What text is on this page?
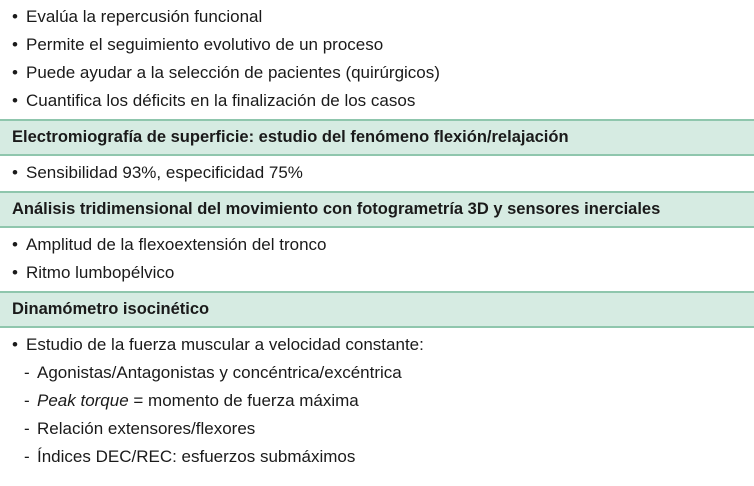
• Evalúa la repercusión funcional
• Permite el seguimiento evolutivo de un proceso
• Puede ayudar a la selección de pacientes (quirúrgicos)
• Cuantifica los déficits en la finalización de los casos
Electromiografía de superficie: estudio del fenómeno flexión/relajación
• Sensibilidad 93%, especificidad 75%
Análisis tridimensional del movimiento con fotogrametría 3D y sensores inerciales
• Amplitud de la flexoextensión del tronco
• Ritmo lumbopélvico
Dinamómetro isocinético
• Estudio de la fuerza muscular a velocidad constante:
- Agonistas/Antagonistas y concéntrica/excéntrica
- Peak torque = momento de fuerza máxima
- Relación extensores/flexores
- Índices DEC/REC: esfuerzos submáximos
